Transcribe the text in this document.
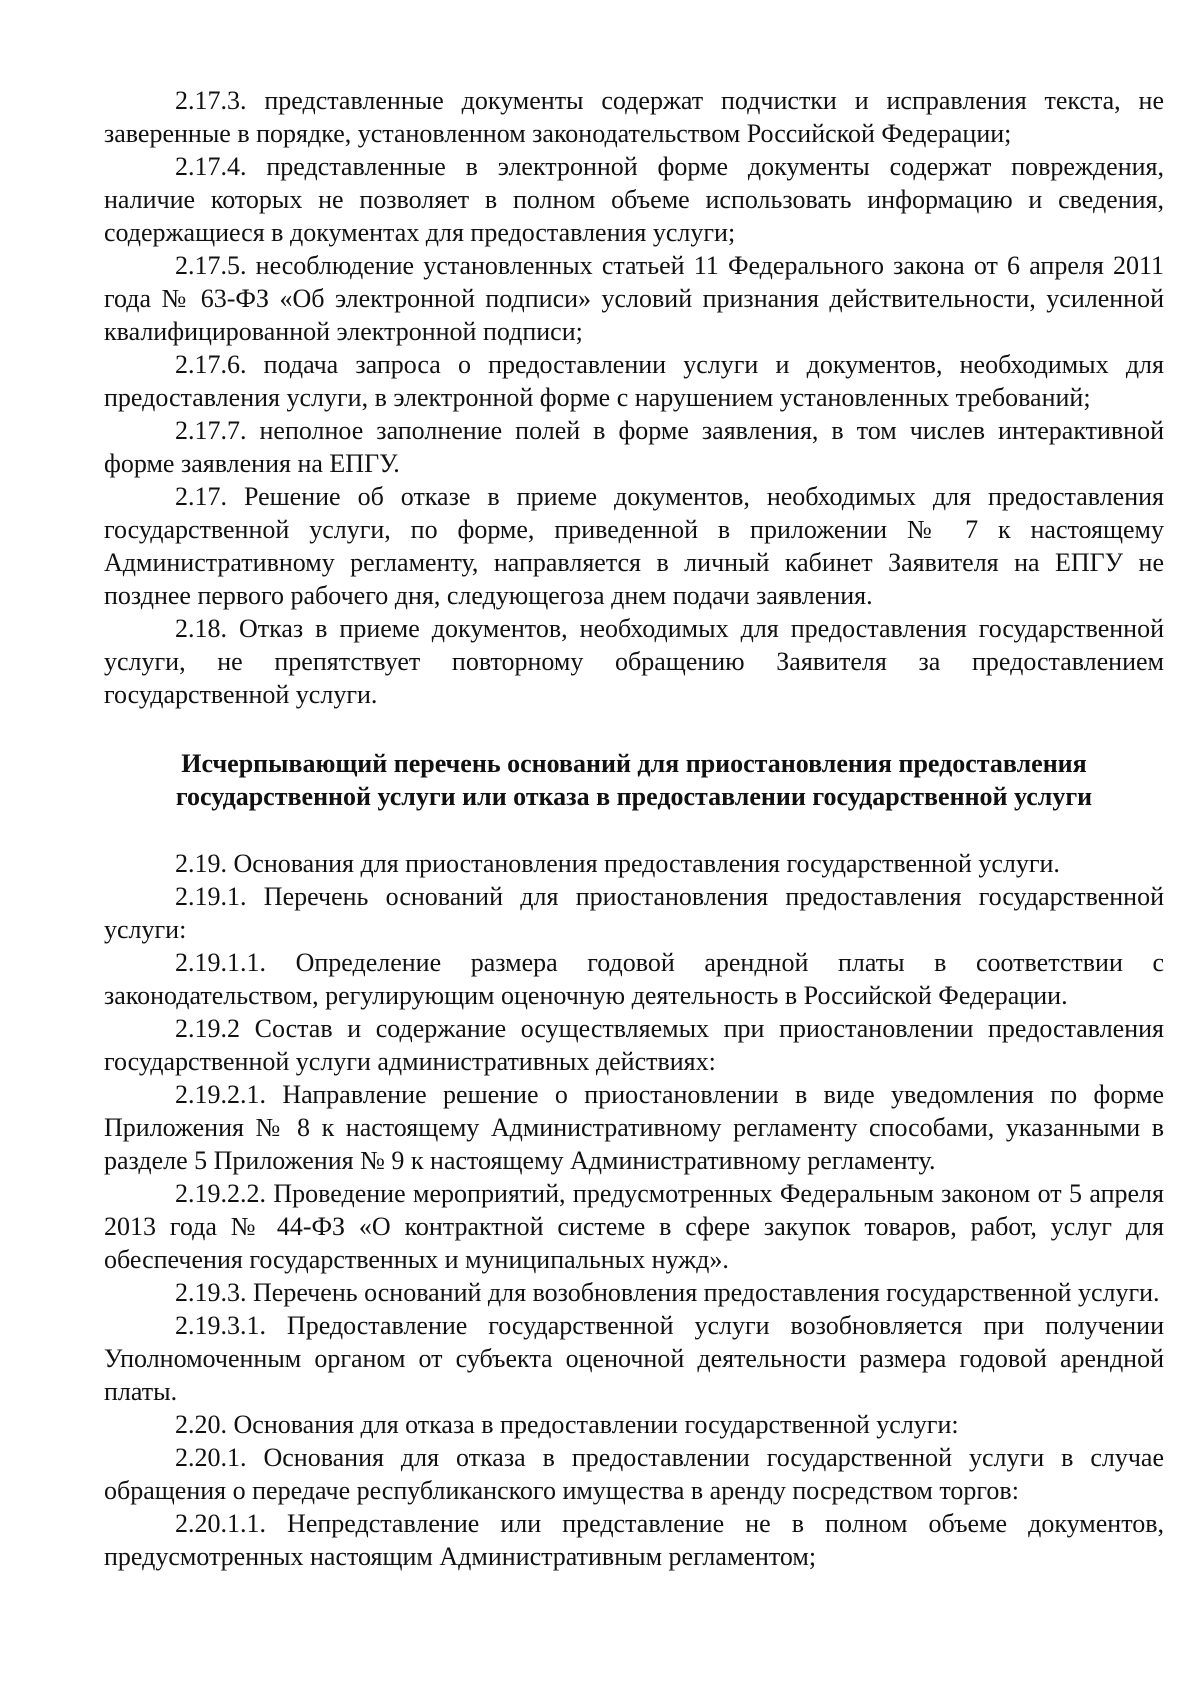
2.17.3. представленные документы содержат подчистки и исправления текста, не заверенные в порядке, установленном законодательством Российской Федерации;

2.17.4. представленные в электронной форме документы содержат повреждения, наличие которых не позволяет в полном объеме использовать информацию и сведения, содержащиеся в документах для предоставления услуги;

2.17.5. несоблюдение установленных статьей 11 Федерального закона от 6 апреля 2011 года № 63-ФЗ «Об электронной подписи» условий признания действительности, усиленной квалифицированной электронной подписи;

2.17.6. подача запроса о предоставлении услуги и документов, необходимых для предоставления услуги, в электронной форме с нарушением установленных требований;

2.17.7. неполное заполнение полей в форме заявления, в том числев интерактивной форме заявления на ЕПГУ.

2.17. Решение об отказе в приеме документов, необходимых для предоставления государственной услуги, по форме, приведенной в приложении № 7 к настоящему Административному регламенту, направляется в личный кабинет Заявителя на ЕПГУ не позднее первого рабочего дня, следующегоза днем подачи заявления.

2.18. Отказ в приеме документов, необходимых для предоставления государственной услуги, не препятствует повторному обращению Заявителя за предоставлением государственной услуги.

Исчерпывающий перечень оснований для приостановления предоставления
государственной услуги или отказа в предоставлении государственной услуги

2.19. Основания для приостановления предоставления государственной услуги.

2.19.1. Перечень оснований для приостановления предоставления государственной услуги:

2.19.1.1. Определение размера годовой арендной платы в соответствии с законодательством, регулирующим оценочную деятельность в Российской Федерации.

2.19.2 Состав и содержание осуществляемых при приостановлении предоставления государственной услуги административных действиях:

2.19.2.1. Направление решение о приостановлении в виде уведомления по форме Приложения № 8 к настоящему Административному регламенту способами, указанными в разделе 5 Приложения № 9 к настоящему Административному регламенту.

2.19.2.2. Проведение мероприятий, предусмотренных Федеральным законом от 5 апреля 2013 года № 44-ФЗ «О контрактной системе в сфере закупок товаров, работ, услуг для обеспечения государственных и муниципальных нужд».

2.19.3. Перечень оснований для возобновления предоставления государственной услуги.

2.19.3.1. Предоставление государственной услуги возобновляется при получении Уполномоченным органом от субъекта оценочной деятельности размера годовой арендной платы.

2.20. Основания для отказа в предоставлении государственной услуги:

2.20.1. Основания для отказа в предоставлении государственной услуги в случае обращения о передаче республиканского имущества в аренду посредством торгов:

2.20.1.1. Непредставление или представление не в полном объеме документов, предусмотренных настоящим Административным регламентом;
